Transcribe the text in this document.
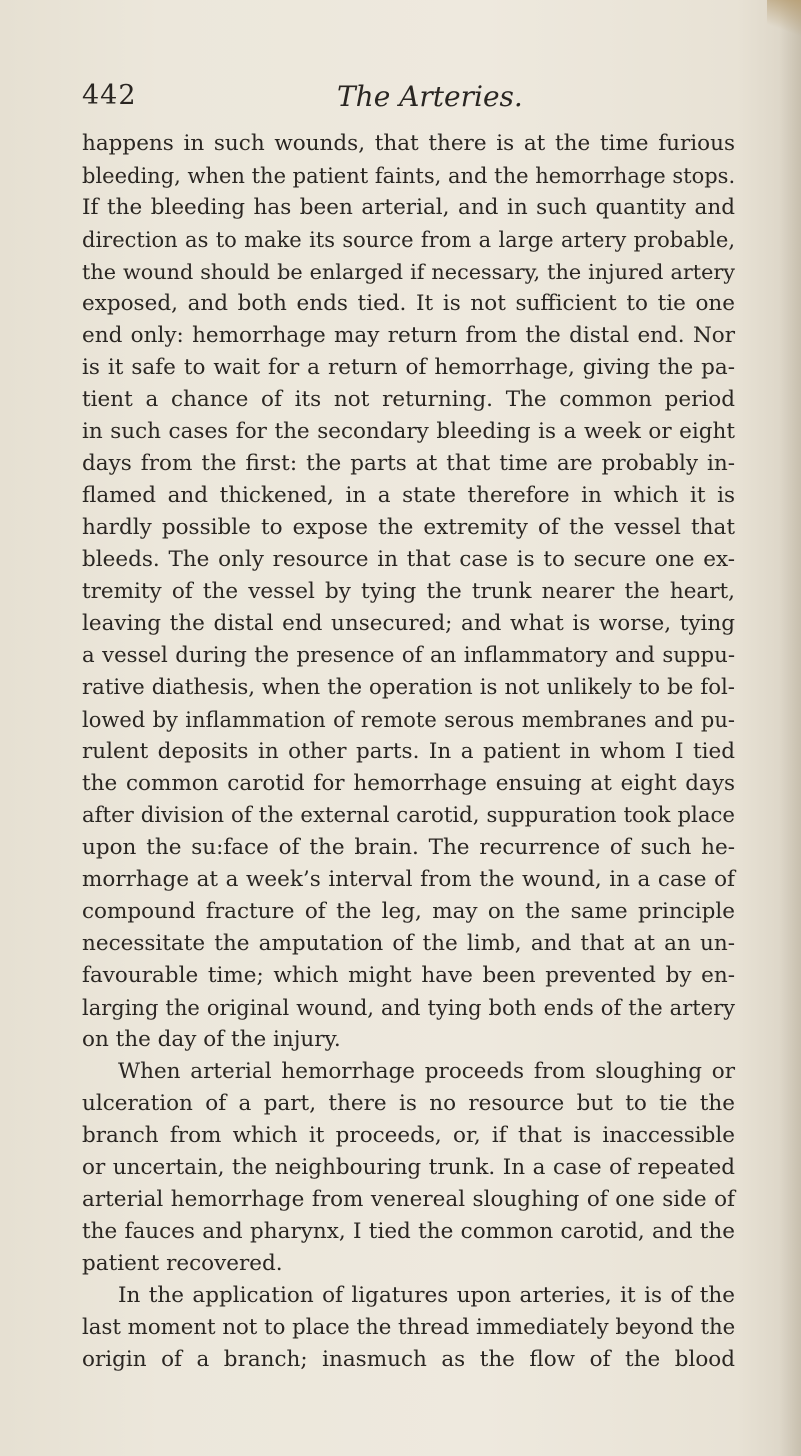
442	The Arteries.
happens in such wounds, that there is at the time furious
bleeding, when the patient faints, and the hemorrhage stops.
If the bleeding has been arterial, and in such quantity and
direction as to make its source from a large artery probable,
the wound should be enlarged if necessary, the injured artery
exposed, and both ends tied. It is not sufficient to tie one
end only: hemorrhage may return from the distal end. Nor
is it safe to wait for a return of hemorrhage, giving the pa-
tient a chance of its not returning. The common period
in such cases for the secondary bleeding is a week or eight
days from the first: the parts at that time are probably in-
flamed and thickened, in a state therefore in which it is
hardly possible to expose the extremity of the vessel that
bleeds. The only resource in that case is to secure one ex-
tremity of the vessel by tying the trunk nearer the heart,
leaving the distal end unsecured; and what is worse, tying
a vessel during the presence of an inflammatory and suppu-
rative diathesis, when the operation is not unlikely to be fol-
lowed by inflammation of remote serous membranes and pu-
rulent deposits in other parts. In a patient in whom I tied
the common carotid for hemorrhage ensuing at eight days
after division of the external carotid, suppuration took place
upon the su:face of the brain. The recurrence of such he-
morrhage at a week’s interval from the wound, in a case of
compound fracture of the leg, may on the same principle
necessitate the amputation of the limb, and that at an un-
favourable time; which might have been prevented by en-
larging the original wound, and tying both ends of the artery
on the day of the injury.
When arterial hemorrhage proceeds from sloughing or
ulceration of a part, there is no resource but to tie the
branch from which it proceeds, or, if that is inaccessible
or uncertain, the neighbouring trunk. In a case of repeated
arterial hemorrhage from venereal sloughing of one side of
the fauces and pharynx, I tied the common carotid, and the
patient recovered.
In the application of ligatures upon arteries, it is of the
last moment not to place the thread immediately beyond the
origin of a branch; inasmuch as the flow of the blood
